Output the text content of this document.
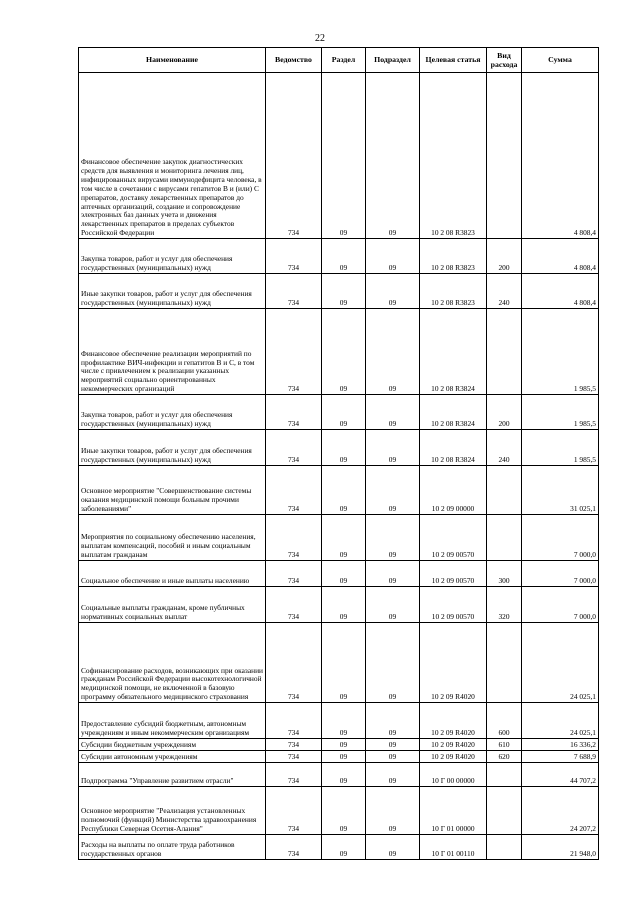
22
Наименование	Ведомство	Раздел	Подраздел	Целевая статья	Вид расхода	Сумма
Финансовое обеспечение закупок диагностических средств для выявления и мониторинга лечения лиц, инфицированных вирусами иммунодефицита человека, в том числе в сочетании с вирусами гепатитов B и (или) C препаратов, доставку лекарственных препаратов до аптечных организаций, создание и сопровождение электронных баз данных учета и движения лекарственных препаратов в пределах субъектов Российской Федерации	734	09	09	10 2 08 R3823		4 808,4
Закупка товаров, работ и услуг для обеспечения государственных (муниципальных) нужд	734	09	09	10 2 08 R3823	200	4 808,4
Иные закупки товаров, работ и услуг для обеспечения государственных (муниципальных) нужд	734	09	09	10 2 08 R3823	240	4 808,4
Финансовое обеспечение реализации мероприятий по профилактике ВИЧ-инфекции и гепатитов B и C, в том числе с привлечением к реализации указанных мероприятий социально ориентированных некоммерческих организаций	734	09	09	10 2 08 R3824		1 985,5
Закупка товаров, работ и услуг для обеспечения государственных (муниципальных) нужд	734	09	09	10 2 08 R3824	200	1 985,5
Иные закупки товаров, работ и услуг для обеспечения государственных (муниципальных) нужд	734	09	09	10 2 08 R3824	240	1 985,5
Основное мероприятие "Совершенствование системы оказания медицинской помощи больным прочими заболеваниями"	734	09	09	10 2 09 00000		31 025,1
Мероприятия по социальному обеспечению населения, выплатам компенсаций, пособий и иным социальным выплатам гражданам	734	09	09	10 2 09 00570		7 000,0
Социальное обеспечение и иные выплаты населению	734	09	09	10 2 09 00570	300	7 000,0
Социальные выплаты гражданам, кроме публичных нормативных социальных выплат	734	09	09	10 2 09 00570	320	7 000,0
Софинансирование расходов, возникающих при оказании гражданам Российской Федерации высокотехнологичной медицинской помощи, не включенной в базовую программу обязательного медицинского страхования	734	09	09	10 2 09 R4020		24 025,1
Предоставление субсидий бюджетным, автономным учреждениям и иным некоммерческим организациям	734	09	09	10 2 09 R4020	600	24 025,1
Субсидии бюджетным учреждениям	734	09	09	10 2 09 R4020	610	16 336,2
Субсидии автономным учреждениям	734	09	09	10 2 09 R4020	620	7 688,9
Подпрограмма "Управление развитием отрасли"	734	09	09	10 Г 00 00000		44 707,2
Основное мероприятие "Реализация установленных полномочий (функций) Министерства здравоохранения Республики Северная Осетия-Алания"	734	09	09	10 Г 01 00000		24 207,2
Расходы на выплаты по оплате труда работников государственных органов	734	09	09	10 Г 01 00110		21 948,0
